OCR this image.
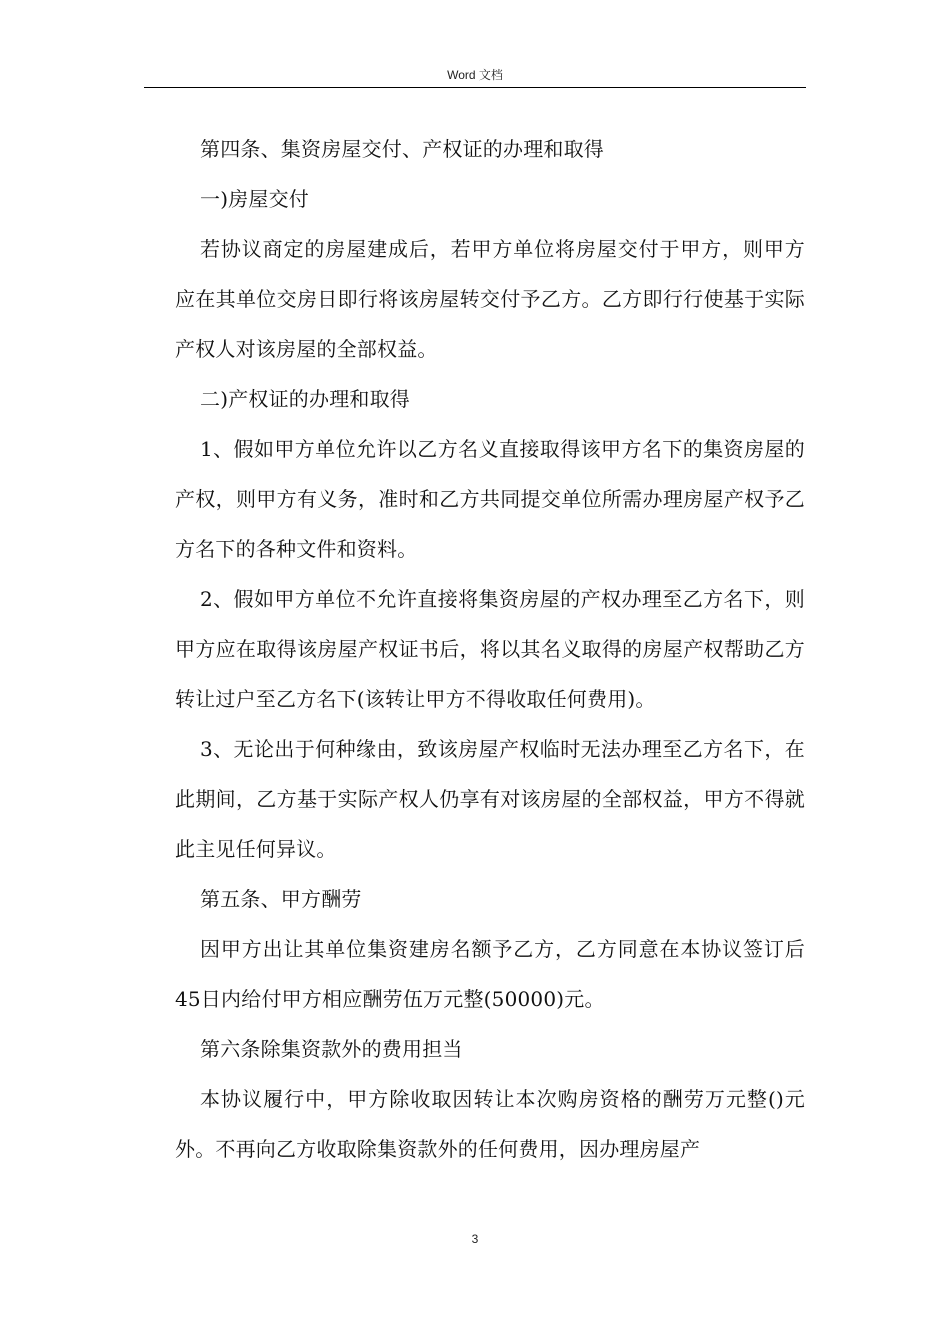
Word 文档

第四条、集资房屋交付、产权证的办理和取得

一)房屋交付

若协议商定的房屋建成后，若甲方单位将房屋交付于甲方，则甲方应在其单位交房日即行将该房屋转交付予乙方。乙方即行行使基于实际产权人对该房屋的全部权益。

二)产权证的办理和取得

1、假如甲方单位允许以乙方名义直接取得该甲方名下的集资房屋的产权，则甲方有义务，准时和乙方共同提交单位所需办理房屋产权予乙方名下的各种文件和资料。

2、假如甲方单位不允许直接将集资房屋的产权办理至乙方名下，则甲方应在取得该房屋产权证书后，将以其名义取得的房屋产权帮助乙方转让过户至乙方名下(该转让甲方不得收取任何费用)。

3、无论出于何种缘由，致该房屋产权临时无法办理至乙方名下，在此期间，乙方基于实际产权人仍享有对该房屋的全部权益，甲方不得就此主见任何异议。

第五条、甲方酬劳

因甲方出让其单位集资建房名额予乙方，乙方同意在本协议签订后45日内给付甲方相应酬劳伍万元整(50000)元。

第六条除集资款外的费用担当

本协议履行中，甲方除收取因转让本次购房资格的酬劳万元整()元外。不再向乙方收取除集资款外的任何费用，因办理房屋产

3
